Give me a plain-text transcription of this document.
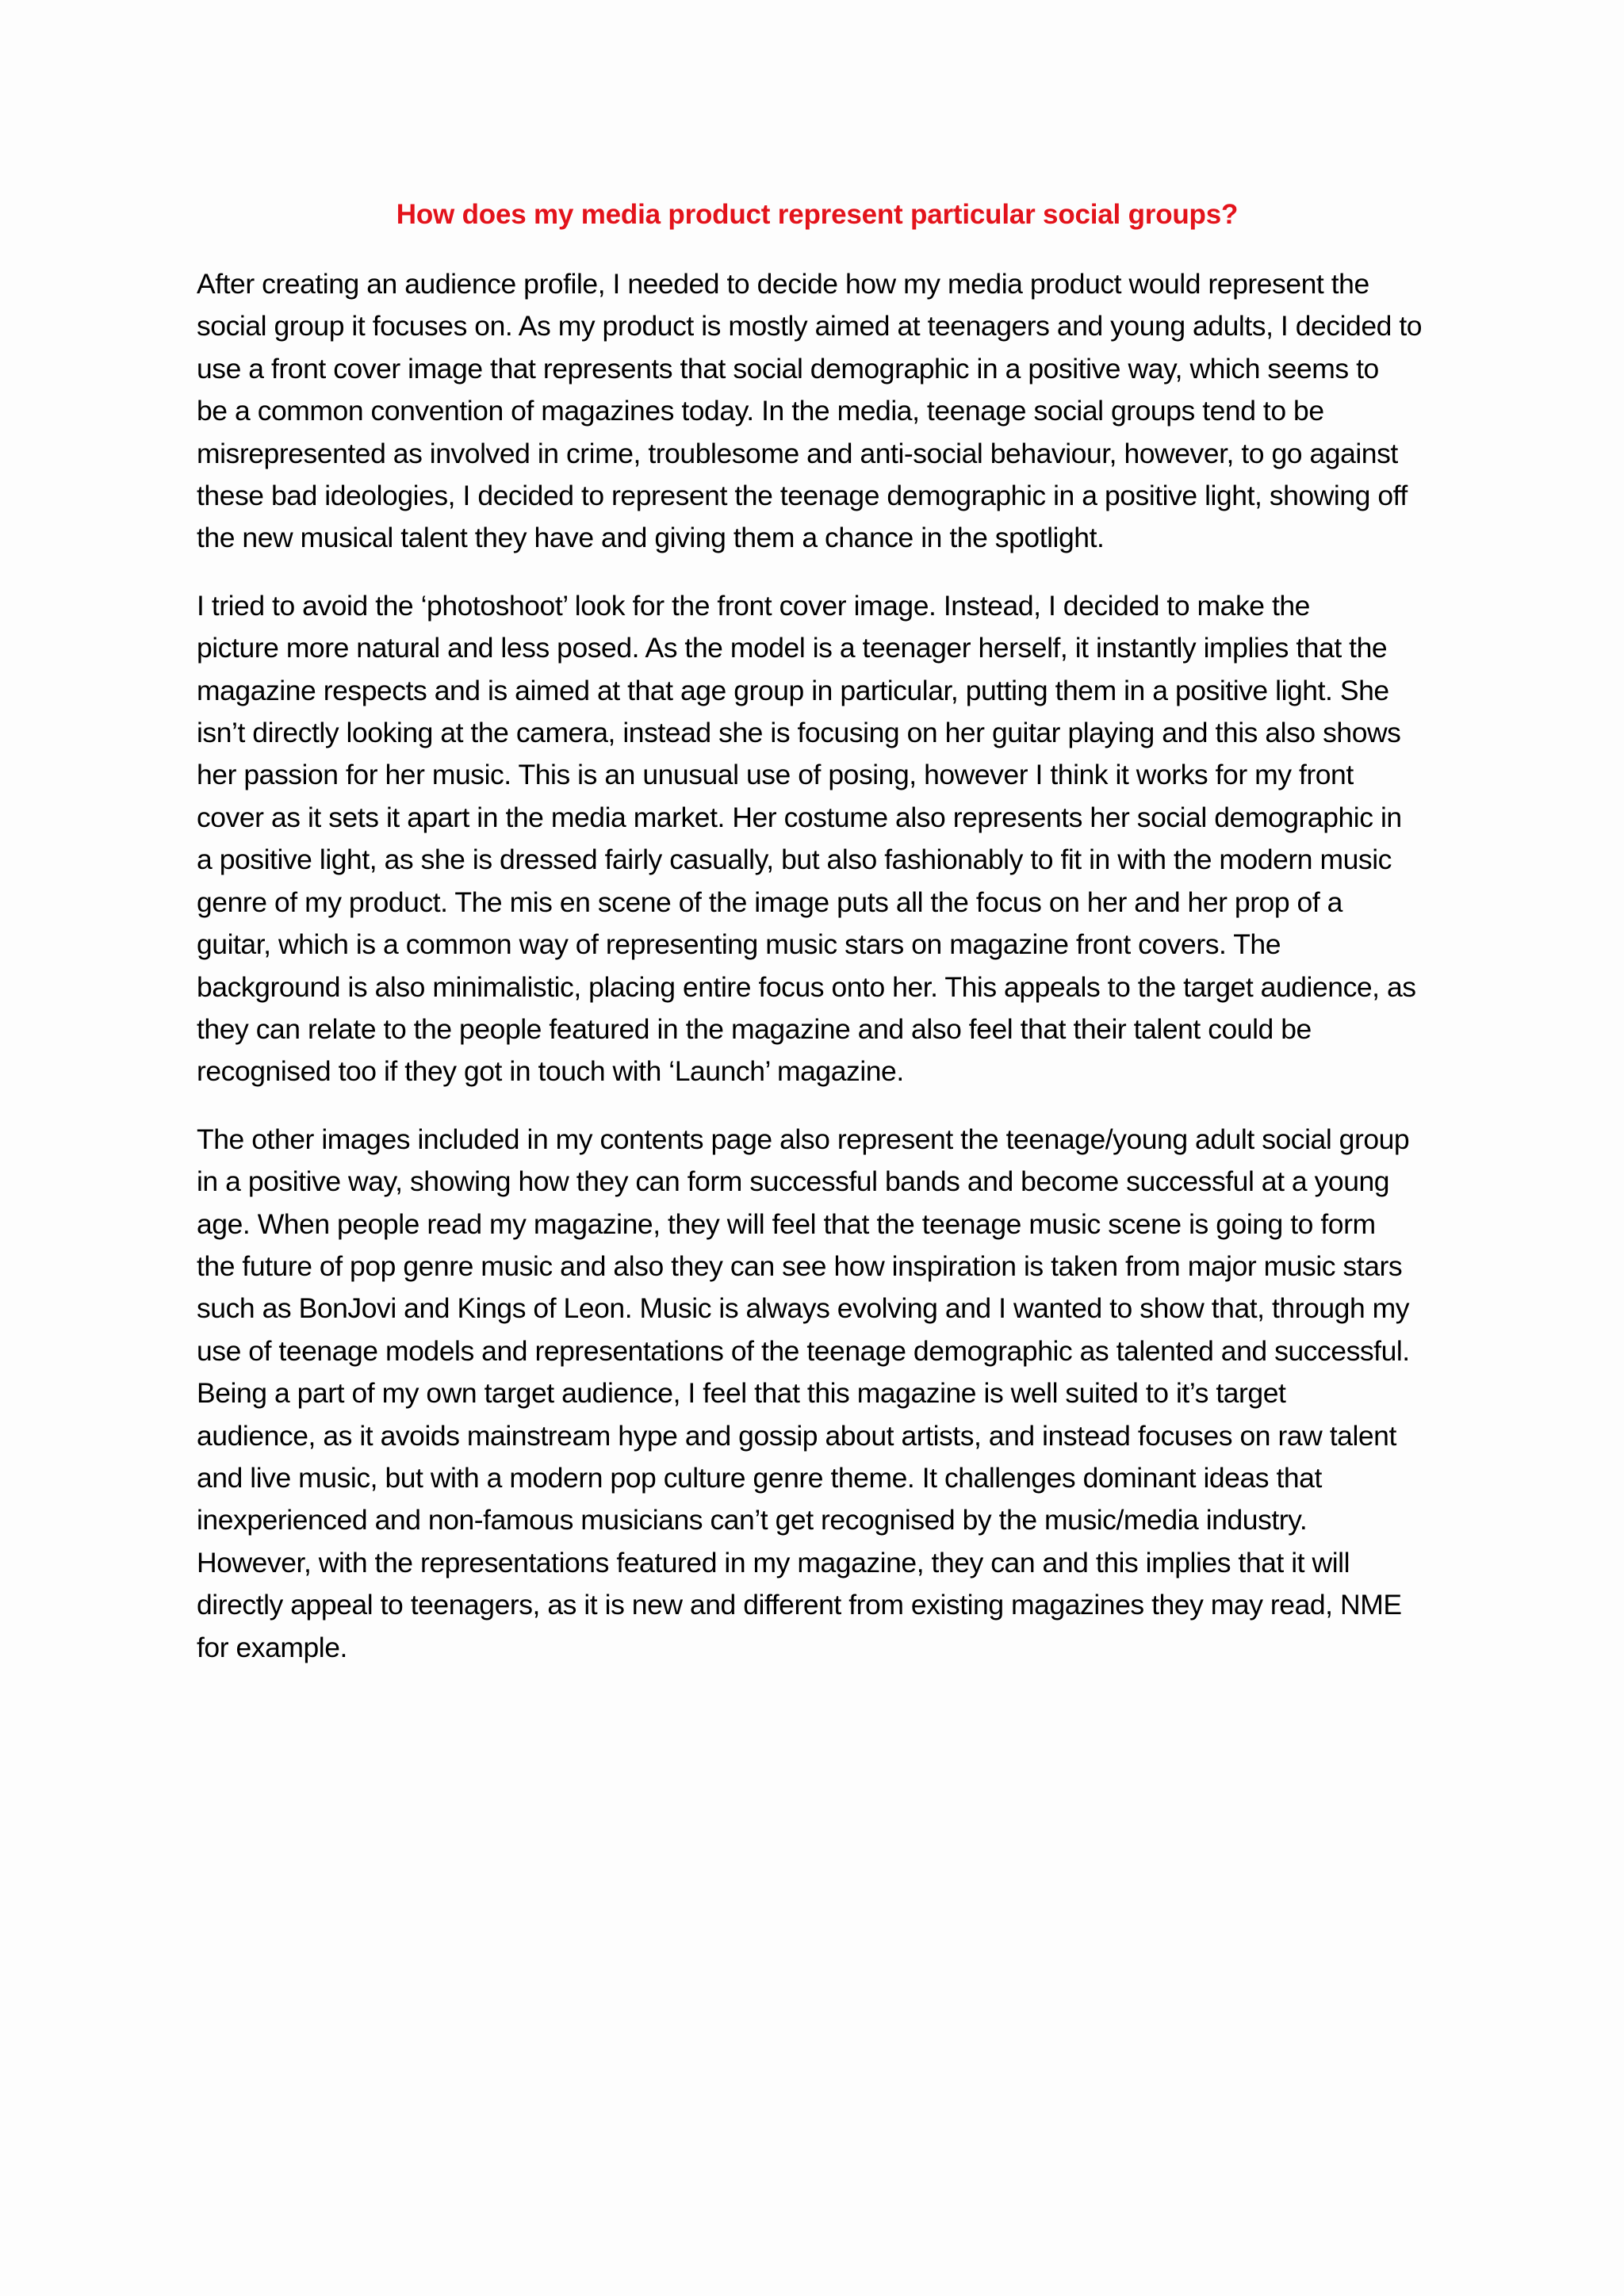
How does my media product represent particular social groups?

After creating an audience profile, I needed to decide how my media product would represent the
social group it focuses on. As my product is mostly aimed at teenagers and young adults, I decided to
use a front cover image that represents that social demographic in a positive way, which seems to
be a common convention of magazines today. In the media, teenage social groups tend to be
misrepresented as involved in crime, troublesome and anti-social behaviour, however, to go against
these bad ideologies, I decided to represent the teenage demographic in a positive light, showing off
the new musical talent they have and giving them a chance in the spotlight.

I tried to avoid the ‘photoshoot’ look for the front cover image. Instead, I decided to make the
picture more natural and less posed. As the model is a teenager herself, it instantly implies that the
magazine respects and is aimed at that age group in particular, putting them in a positive light. She
isn’t directly looking at the camera, instead she is focusing on her guitar playing and this also shows
her passion for her music. This is an unusual use of posing, however I think it works for my front
cover as it sets it apart in the media market. Her costume also represents her social demographic in
a positive light, as she is dressed fairly casually, but also fashionably to fit in with the modern music
genre of my product. The mis en scene of the image puts all the focus on her and her prop of a
guitar, which is a common way of representing music stars on magazine front covers. The
background is also minimalistic, placing entire focus onto her. This appeals to the target audience, as
they can relate to the people featured in the magazine and also feel that their talent could be
recognised too if they got in touch with ‘Launch’ magazine.

The other images included in my contents page also represent the teenage/young adult social group
in a positive way, showing how they can form successful bands and become successful at a young
age. When people read my magazine, they will feel that the teenage music scene is going to form
the future of pop genre music and also they can see how inspiration is taken from major music stars
such as BonJovi and Kings of Leon. Music is always evolving and I wanted to show that, through my
use of teenage models and representations of the teenage demographic as talented and successful.
Being a part of my own target audience, I feel that this magazine is well suited to it’s target
audience, as it avoids mainstream hype and gossip about artists, and instead focuses on raw talent
and live music, but with a modern pop culture genre theme. It challenges dominant ideas that
inexperienced and non-famous musicians can’t get recognised by the music/media industry.
However, with the representations featured in my magazine, they can and this implies that it will
directly appeal to teenagers, as it is new and different from existing magazines they may read, NME
for example.
